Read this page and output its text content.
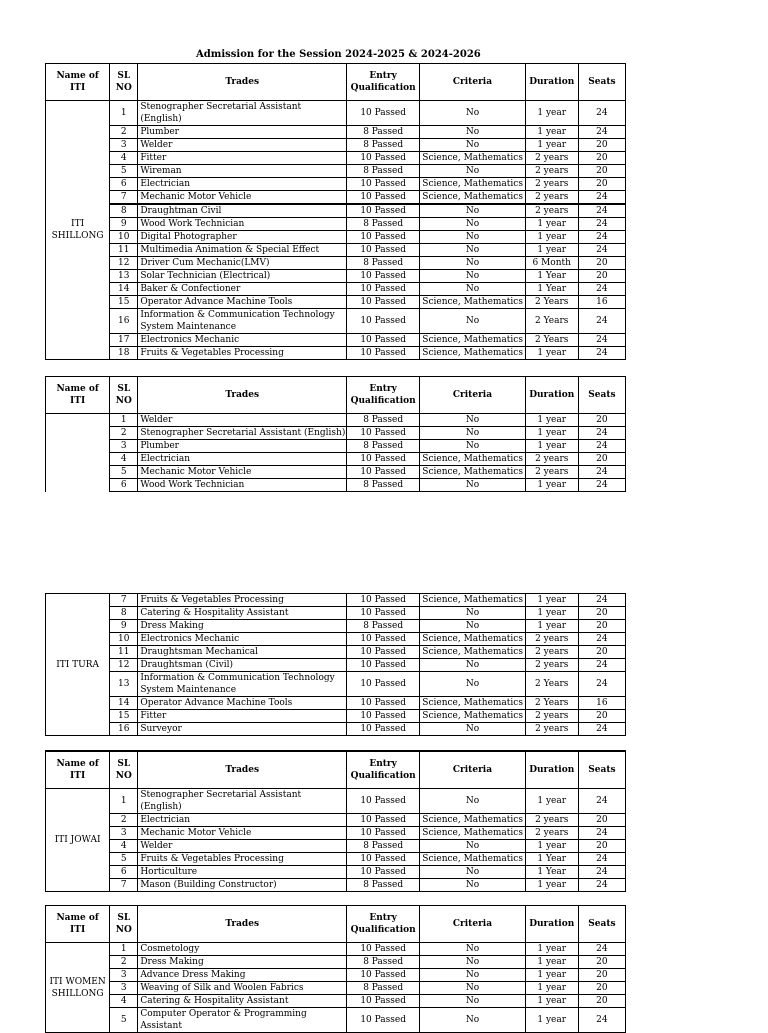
Admission for the Session 2024-2025 & 2024-2026
Name of ITI	SL NO	Trades	Entry Qualification	Criteria	Duration	Seats
ITI SHILLONG	1	Stenographer Secretarial Assistant (English)	10 Passed	No	1 year	24
	2	Plumber	8 Passed	No	1 year	24
	3	Welder	8 Passed	No	1 year	20
	4	Fitter	10 Passed	Science, Mathematics	2 years	20
	5	Wireman	8 Passed	No	2 years	20
	6	Electrician	10 Passed	Science, Mathematics	2 years	20
	7	Mechanic Motor Vehicle	10 Passed	Science, Mathematics	2 years	24
	8	Draughtman Civil	10 Passed	No	2 years	24
	9	Wood Work Technician	8 Passed	No	1 year	24
	10	Digital Photographer	10 Passed	No	1 year	24
	11	Multimedia Animation & Special Effect	10 Passed	No	1 year	24
	12	Driver Cum Mechanic(LMV)	8 Passed	No	6 Month	20
	13	Solar Technician (Electrical)	10 Passed	No	1 Year	20
	14	Baker & Confectioner	10 Passed	No	1 Year	24
	15	Operator Advance Machine Tools	10 Passed	Science, Mathematics	2 Years	16
	16	Information & Communication Technology System Maintenance	10 Passed	No	2 Years	24
	17	Electronics Mechanic	10 Passed	Science, Mathematics	2 Years	24
	18	Fruits & Vegetables Processing	10 Passed	Science, Mathematics	1 year	24
Name of ITI	SL NO	Trades	Entry Qualification	Criteria	Duration	Seats
	1	Welder	8 Passed	No	1 year	20
	2	Stenographer Secretarial Assistant (English)	10 Passed	No	1 year	24
	3	Plumber	8 Passed	No	1 year	24
	4	Electrician	10 Passed	Science, Mathematics	2 years	20
	5	Mechanic Motor Vehicle	10 Passed	Science, Mathematics	2 years	24
	6	Wood Work Technician	8 Passed	No	1 year	24
ITI TURA	7	Fruits & Vegetables Processing	10 Passed	Science, Mathematics	1 year	24
	8	Catering & Hospitality Assistant	10 Passed	No	1 year	20
	9	Dress Making	8 Passed	No	1 year	20
	10	Electronics Mechanic	10 Passed	Science, Mathematics	2 years	24
	11	Draughtsman Mechanical	10 Passed	Science, Mathematics	2 years	20
	12	Draughtsman (Civil)	10 Passed	No	2 years	24
	13	Information & Communication Technology System Maintenance	10 Passed	No	2 Years	24
	14	Operator Advance Machine Tools	10 Passed	Science, Mathematics	2 Years	16
	15	Fitter	10 Passed	Science, Mathematics	2 years	20
	16	Surveyor	10 Passed	No	2 years	24
Name of ITI	SL NO	Trades	Entry Qualification	Criteria	Duration	Seats
ITI JOWAI	1	Stenographer Secretarial Assistant (English)	10 Passed	No	1 year	24
	2	Electrician	10 Passed	Science, Mathematics	2 years	20
	3	Mechanic Motor Vehicle	10 Passed	Science, Mathematics	2 years	24
	4	Welder	8 Passed	No	1 year	20
	5	Fruits & Vegetables Processing	10 Passed	Science, Mathematics	1 Year	24
	6	Horticulture	10 Passed	No	1 Year	24
	7	Mason (Building Constructor)	8 Passed	No	1 year	24
Name of ITI	SL NO	Trades	Entry Qualification	Criteria	Duration	Seats
ITI WOMEN SHILLONG	1	Cosmetology	10 Passed	No	1 year	24
	2	Dress Making	8 Passed	No	1 year	20
	3	Advance Dress Making	10 Passed	No	1 year	20
	3	Weaving of Silk and Woolen Fabrics	8 Passed	No	1 year	20
	4	Catering & Hospitality Assistant	10 Passed	No	1 year	20
	5	Computer Operator & Programming Assistant	10 Passed	No	1 year	24
